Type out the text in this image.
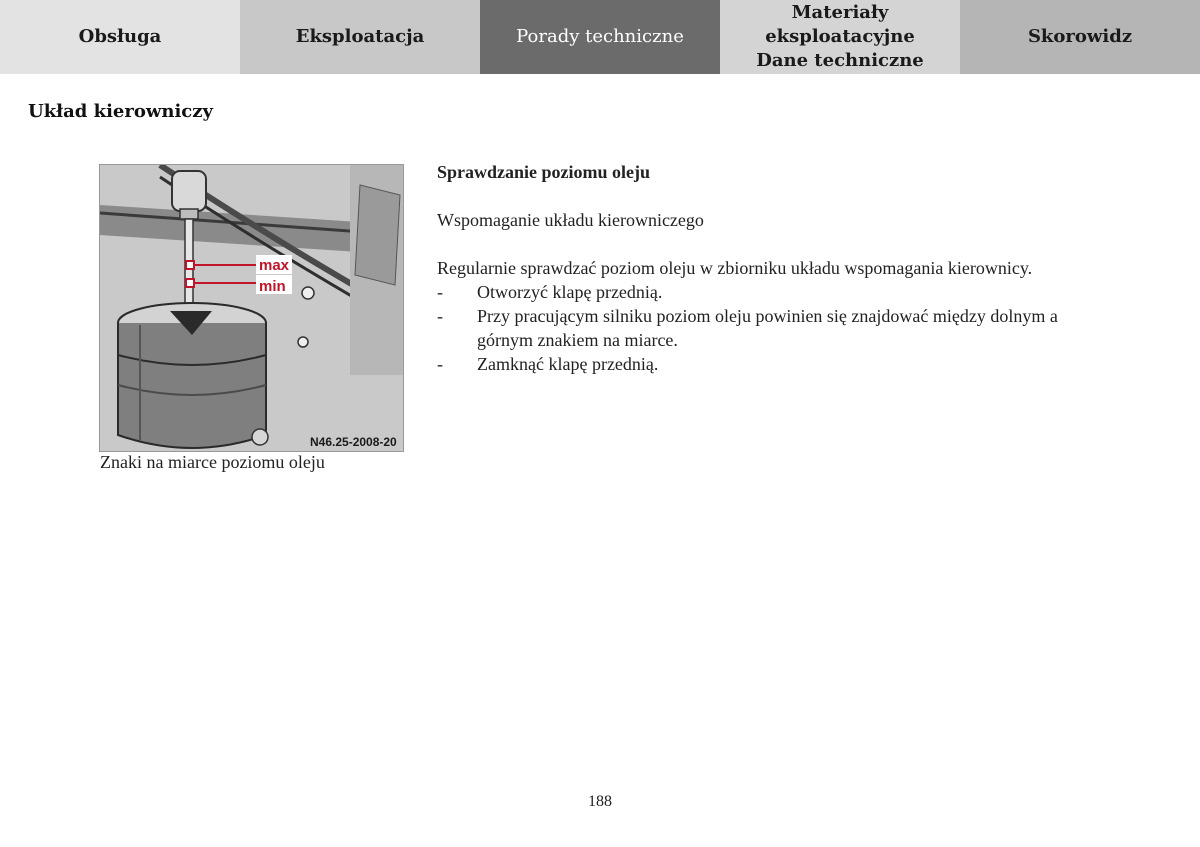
Obsługa	Eksploatacja	Porady techniczne
Materiały eksploatacyjne
Dane techniczne
Skorowidz
Układ kierowniczy
max
min
N46.25-2008-20
Znaki na miarce poziomu oleju

Sprawdzanie poziomu oleju

Wspomaganie układu kierowniczego

Regularnie sprawdzać poziom oleju w zbiorniku układu wspomagania kierownicy.

-	Otworzyć klapę przednią.
-	Przy pracującym silniku poziom oleju powinien się znajdować między dolnym a górnym znakiem na miarce.
-	Zamknąć klapę przednią.
188
